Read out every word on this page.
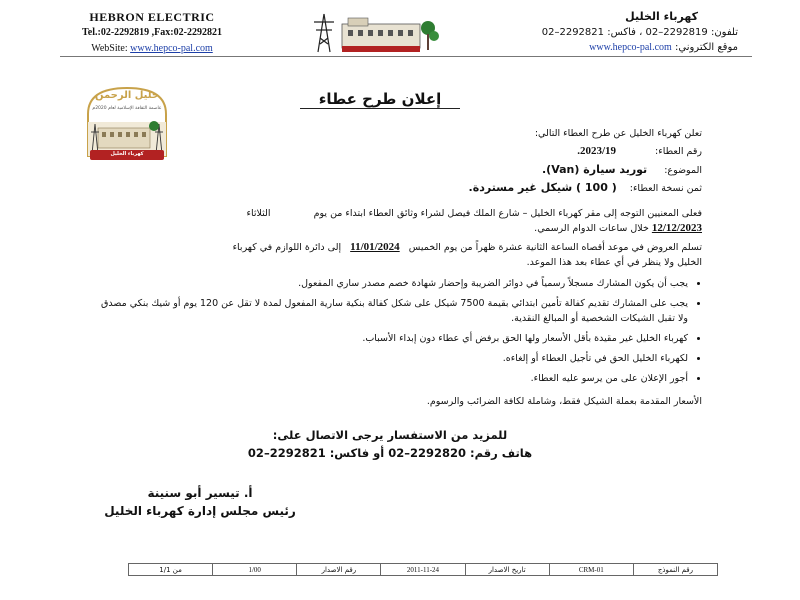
HEBRON ELECTRIC
Tel.:02-2292819 ,Fax:02-2292821
WebSite: www.hepco-pal.com
كهرباء الخليل
تلفون: 2292819–02 ، فاكس: 2292821–02
موقع الكتروني: www.hepco-pal.com
إعلان طرح عطاء
خليل الرحمن
عاصمة الثقافة الإسلامية لعام 2020م
كهرباء الخليل
تعلن كهرباء الخليل عن طرح العطاء التالي:
رقم العطاء: 2023/19.
الموضوع: توريد سيارة (Van).
ثمن نسخة العطاء: ( 100 ) شيكل غير مستردة.
فعلى المعنيين التوجه إلى مقر كهرباء الخليل – شارع الملك فيصل لشراء وثائق العطاء ابتداء من يوم الثلاثاء
12/12/2023 خلال ساعات الدوام الرسمي.
تسلم العروض في موعد أقصاه الساعة الثانية عشرة ظهراً من يوم الخميس 11/01/2024 إلى دائرة اللوازم في كهرباء
الخليل ولا ينظر في أي عطاء بعد هذا الموعد.
• يجب أن يكون المشارك مسجلاً رسمياً في دوائر الضريبة وإحضار شهادة خصم مصدر ساري المفعول.
• يجب على المشارك تقديم كفالة تأمين ابتدائي بقيمة 7500 شيكل على شكل كفالة بنكية سارية المفعول لمدة لا تقل عن 120 يوم أو شيك بنكي مصدق ولا تقبل الشيكات الشخصية أو المبالغ النقدية.
• كهرباء الخليل غير مقيدة بأقل الأسعار ولها الحق برفض أي عطاء دون إبداء الأسباب.
• لكهرباء الخليل الحق في تأجيل العطاء أو إلغاءه.
• أجور الإعلان على من يرسو عليه العطاء.
الأسعار المقدمة بعملة الشيكل فقط، وشاملة لكافة الضرائب والرسوم.
للمزيد من الاستفسار يرجى الاتصال على:
هاتف رقم: 2292820–02 أو فاكس: 2292821–02
أ. تيسير أبو سنينة
رئيس مجلس إدارة كهرباء الخليل
1/1 من	1/00	رقم الاصدار	2011-11-24	تاريخ الاصدار	CRM-01	رقم النموذج
